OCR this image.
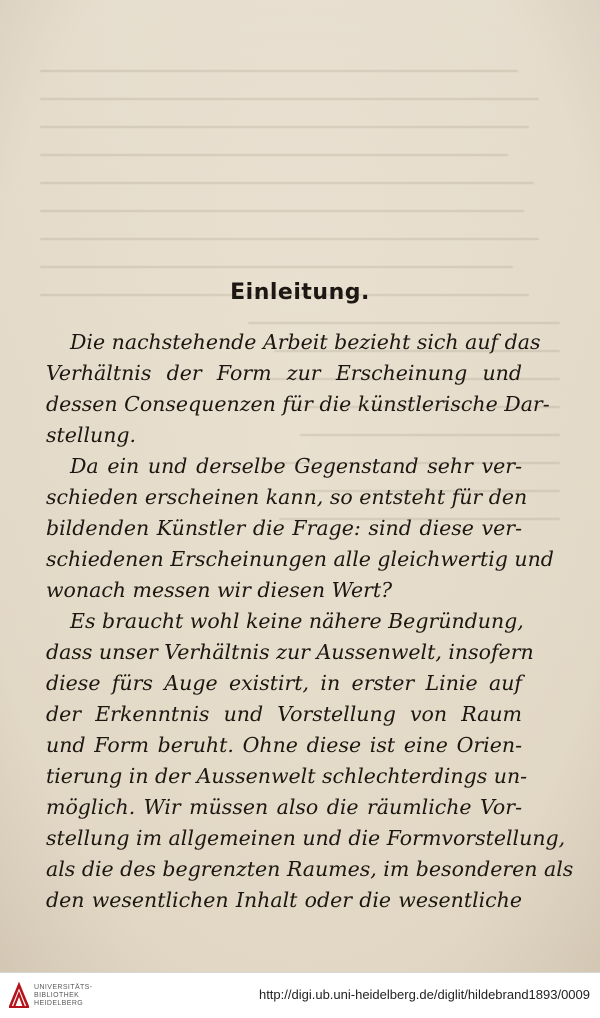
Einleitung.
Die nachstehende Arbeit bezieht sich auf das
Verhältnis der Form zur Erscheinung und
dessen Consequenzen für die künstlerische Dar-
stellung.
Da ein und derselbe Gegenstand sehr ver-
schieden erscheinen kann, so entsteht für den
bildenden Künstler die Frage: sind diese ver-
schiedenen Erscheinungen alle gleichwertig und
wonach messen wir diesen Wert?
Es braucht wohl keine nähere Begründung,
dass unser Verhältnis zur Aussenwelt, insofern
diese fürs Auge existirt, in erster Linie auf
der Erkenntnis und Vorstellung von Raum
und Form beruht. Ohne diese ist eine Orien-
tierung in der Aussenwelt schlechterdings un-
möglich. Wir müssen also die räumliche Vor-
stellung im allgemeinen und die Formvorstellung,
als die des begrenzten Raumes, im besonderen als
den wesentlichen Inhalt oder die wesentliche
UNIVERSITÄTS-
BIBLIOTHEK
HEIDELBERG
http://digi.ub.uni-heidelberg.de/diglit/hildebrand1893/0009
